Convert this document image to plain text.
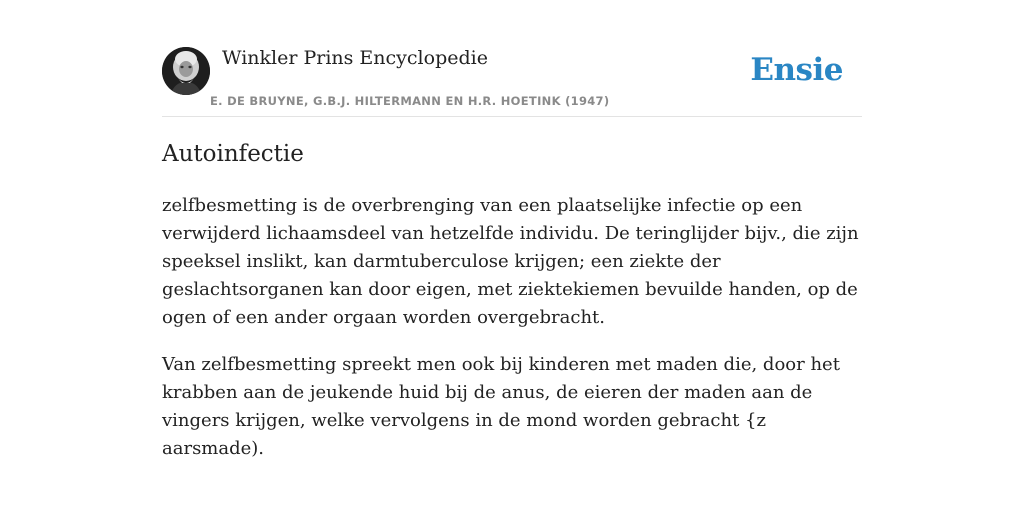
Winkler Prins Encyclopedie
E. DE BRUYNE, G.B.J. HILTERMANN EN H.R. HOETINK (1947)
Ensie
Autoinfectie

zelfbesmetting is de overbrenging van een plaatselijke infectie op een verwijderd lichaamsdeel van hetzelfde individu. De teringlijder bijv., die zijn speeksel inslikt, kan darmtuberculose krijgen; een ziekte der geslachtsorganen kan door eigen, met ziektekiemen bevuilde handen, op de ogen of een ander orgaan worden overgebracht.

Van zelfbesmetting spreekt men ook bij kinderen met maden die, door het krabben aan de jeukende huid bij de anus, de eieren der maden aan de vingers krijgen, welke vervolgens in de mond worden gebracht {z aarsmade).
